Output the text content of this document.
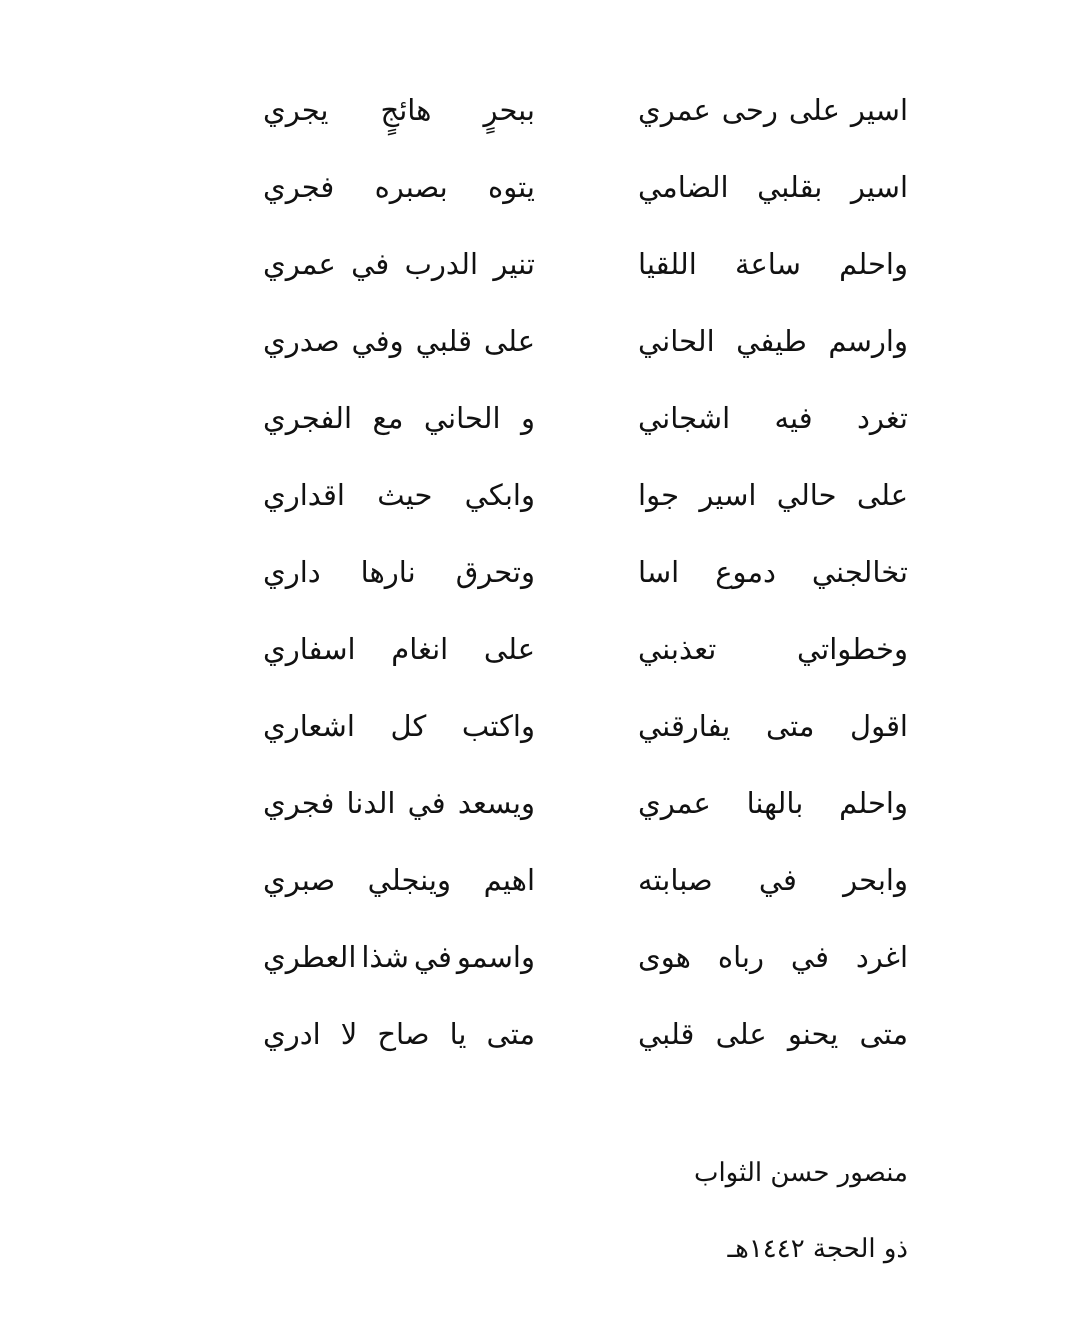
اسير
على
رحى
عمري
ببحرٍ
هائجٍ
يجري
اسير
بقلبي
الضامي
يتوه
بصبره
فجري
واحلم
ساعة
اللقيا
تنير
الدرب
في
عمري
وارسم
طيفي
الحاني
على
قلبي
وفي
صدري
تغرد
فيه
اشجاني
و
الحاني
مع
الفجري
على
حالي
اسير
جوا
وابكي
حيث
اقداري
تخالجني
دموع
اسا
وتحرق
نارها
داري
وخطواتي
تعذبني
على
انغام
اسفاري
اقول
متى
يفارقني
واكتب
كل
اشعاري
واحلم
بالهنا
عمري
ويسعد
في
الدنا
فجري
وابحر
في
صبابته
اهيم
وينجلي
صبري
اغرد
في
رباه
هوى
واسمو
في
شذا
العطري
متى
يحنو
على
قلبي
متى
يا
صاح
لا
ادري
منصور حسن الثواب
ذو الحجة ١٤٤٢هـ
